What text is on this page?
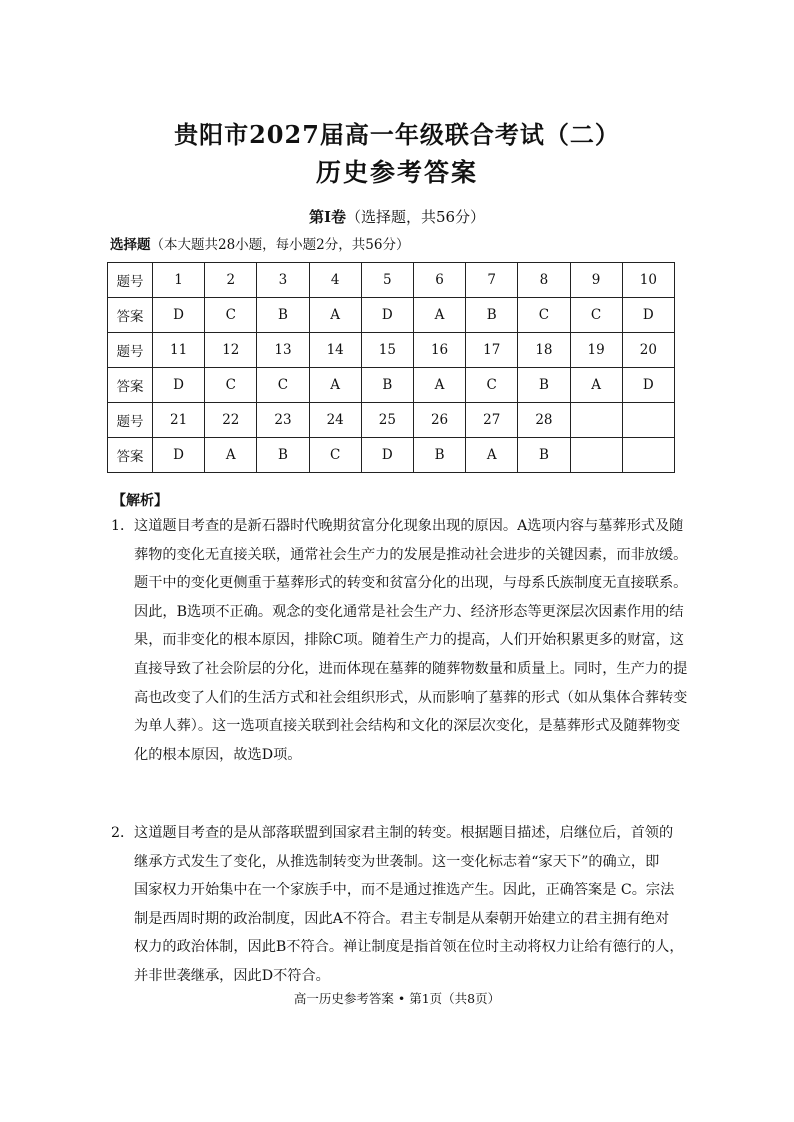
贵阳市2027届高一年级联合考试（二）
历史参考答案
第Ⅰ卷（选择题，共56分）
选择题（本大题共28小题，每小题2分，共56分）
题号	1	2	3	4	5	6	7	8	9	10
答案	D	C	B	A	D	A	B	C	C	D
题号	11	12	13	14	15	16	17	18	19	20
答案	D	C	C	A	B	A	C	B	A	D
题号	21	22	23	24	25	26	27	28		
答案	D	A	B	C	D	B	A	B		
【解析】
1．这道题目考查的是新石器时代晚期贫富分化现象出现的原因。A选项内容与墓葬形式及随
葬物的变化无直接关联，通常社会生产力的发展是推动社会进步的关键因素，而非放缓。
题干中的变化更侧重于墓葬形式的转变和贫富分化的出现，与母系氏族制度无直接联系。
因此，B选项不正确。观念的变化通常是社会生产力、经济形态等更深层次因素作用的结
果，而非变化的根本原因，排除C项。随着生产力的提高，人们开始积累更多的财富，这
直接导致了社会阶层的分化，进而体现在墓葬的随葬物数量和质量上。同时，生产力的提
高也改变了人们的生活方式和社会组织形式，从而影响了墓葬的形式（如从集体合葬转变
为单人葬）。这一选项直接关联到社会结构和文化的深层次变化，是墓葬形式及随葬物变
化的根本原因，故选D项。
2．这道题目考查的是从部落联盟到国家君主制的转变。根据题目描述，启继位后，首领的
继承方式发生了变化，从推选制转变为世袭制。这一变化标志着“家天下”的确立，即
国家权力开始集中在一个家族手中，而不是通过推选产生。因此，正确答案是 C。宗法
制是西周时期的政治制度，因此A不符合。君主专制是从秦朝开始建立的君主拥有绝对
权力的政治体制，因此B不符合。禅让制度是指首领在位时主动将权力让给有德行的人，
并非世袭继承，因此D不符合。
高一历史参考答案 • 第1页（共8页）
